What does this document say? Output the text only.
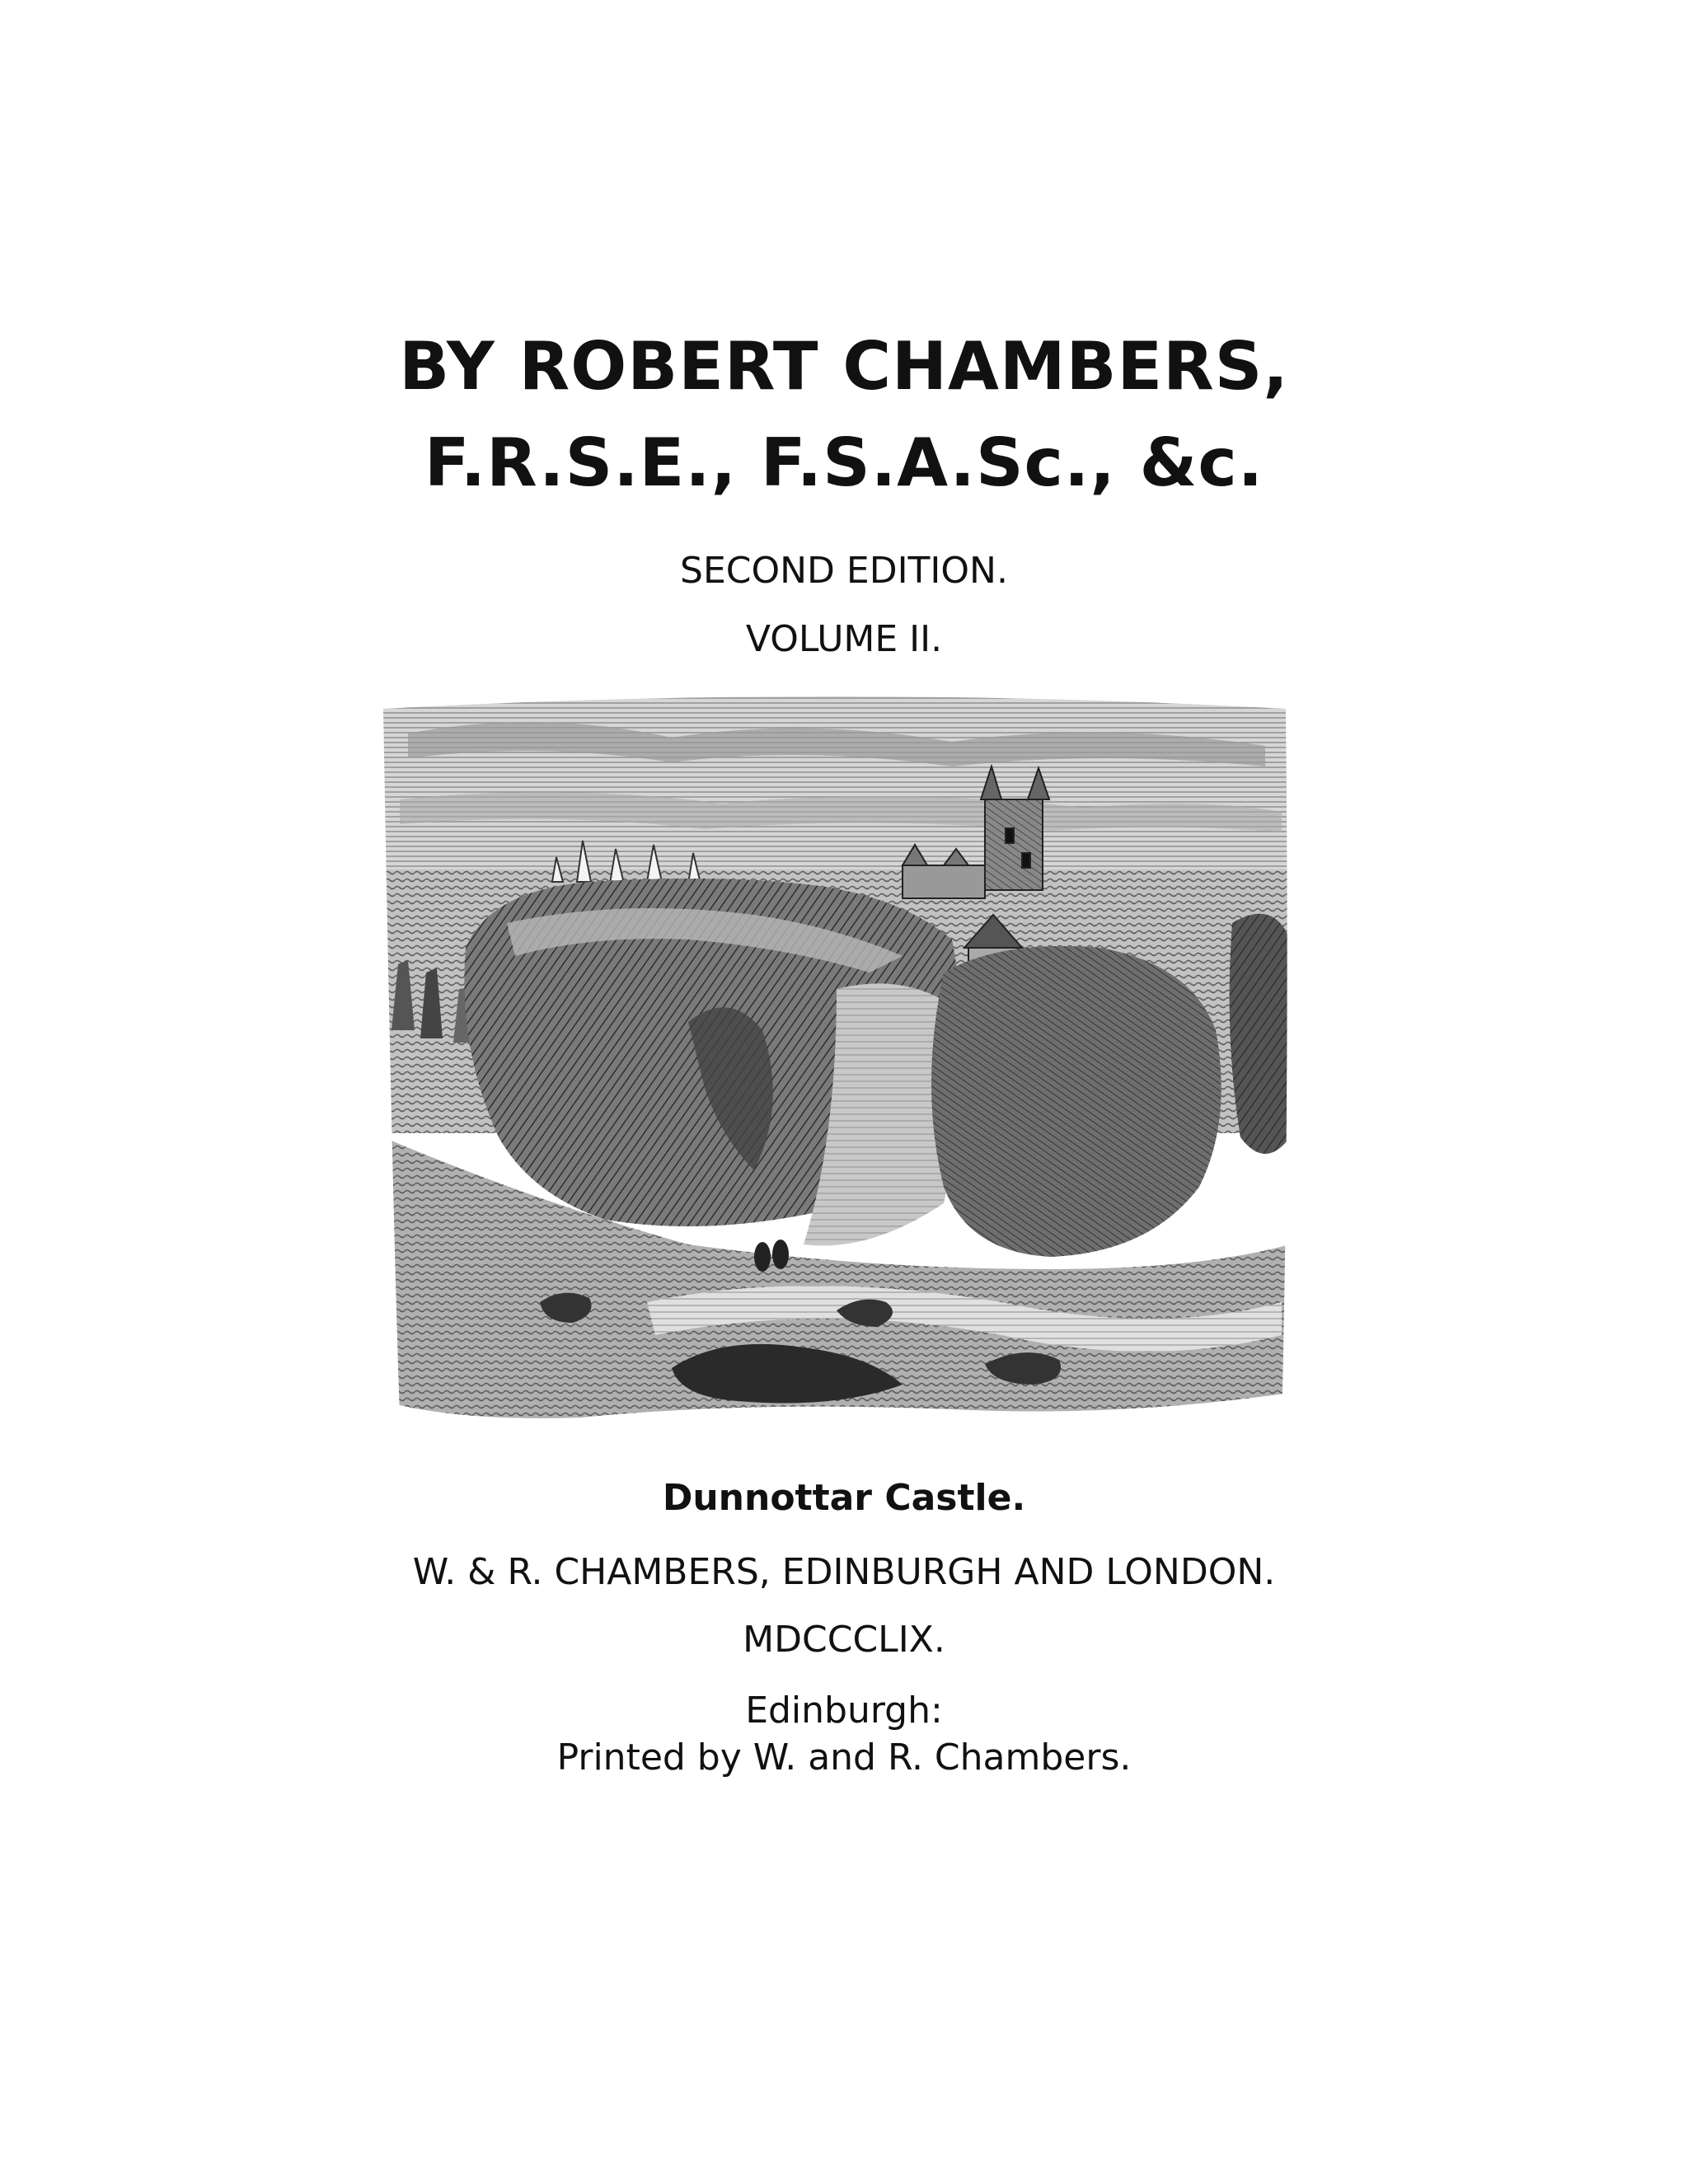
BY ROBERT CHAMBERS,
F.R.S.E., F.S.A.Sc., &c.
SECOND EDITION.
VOLUME II.
Dunnottar Castle.
W. & R. CHAMBERS, EDINBURGH AND LONDON.
MDCCCLIX.
Edinburgh:
Printed by W. and R. Chambers.
